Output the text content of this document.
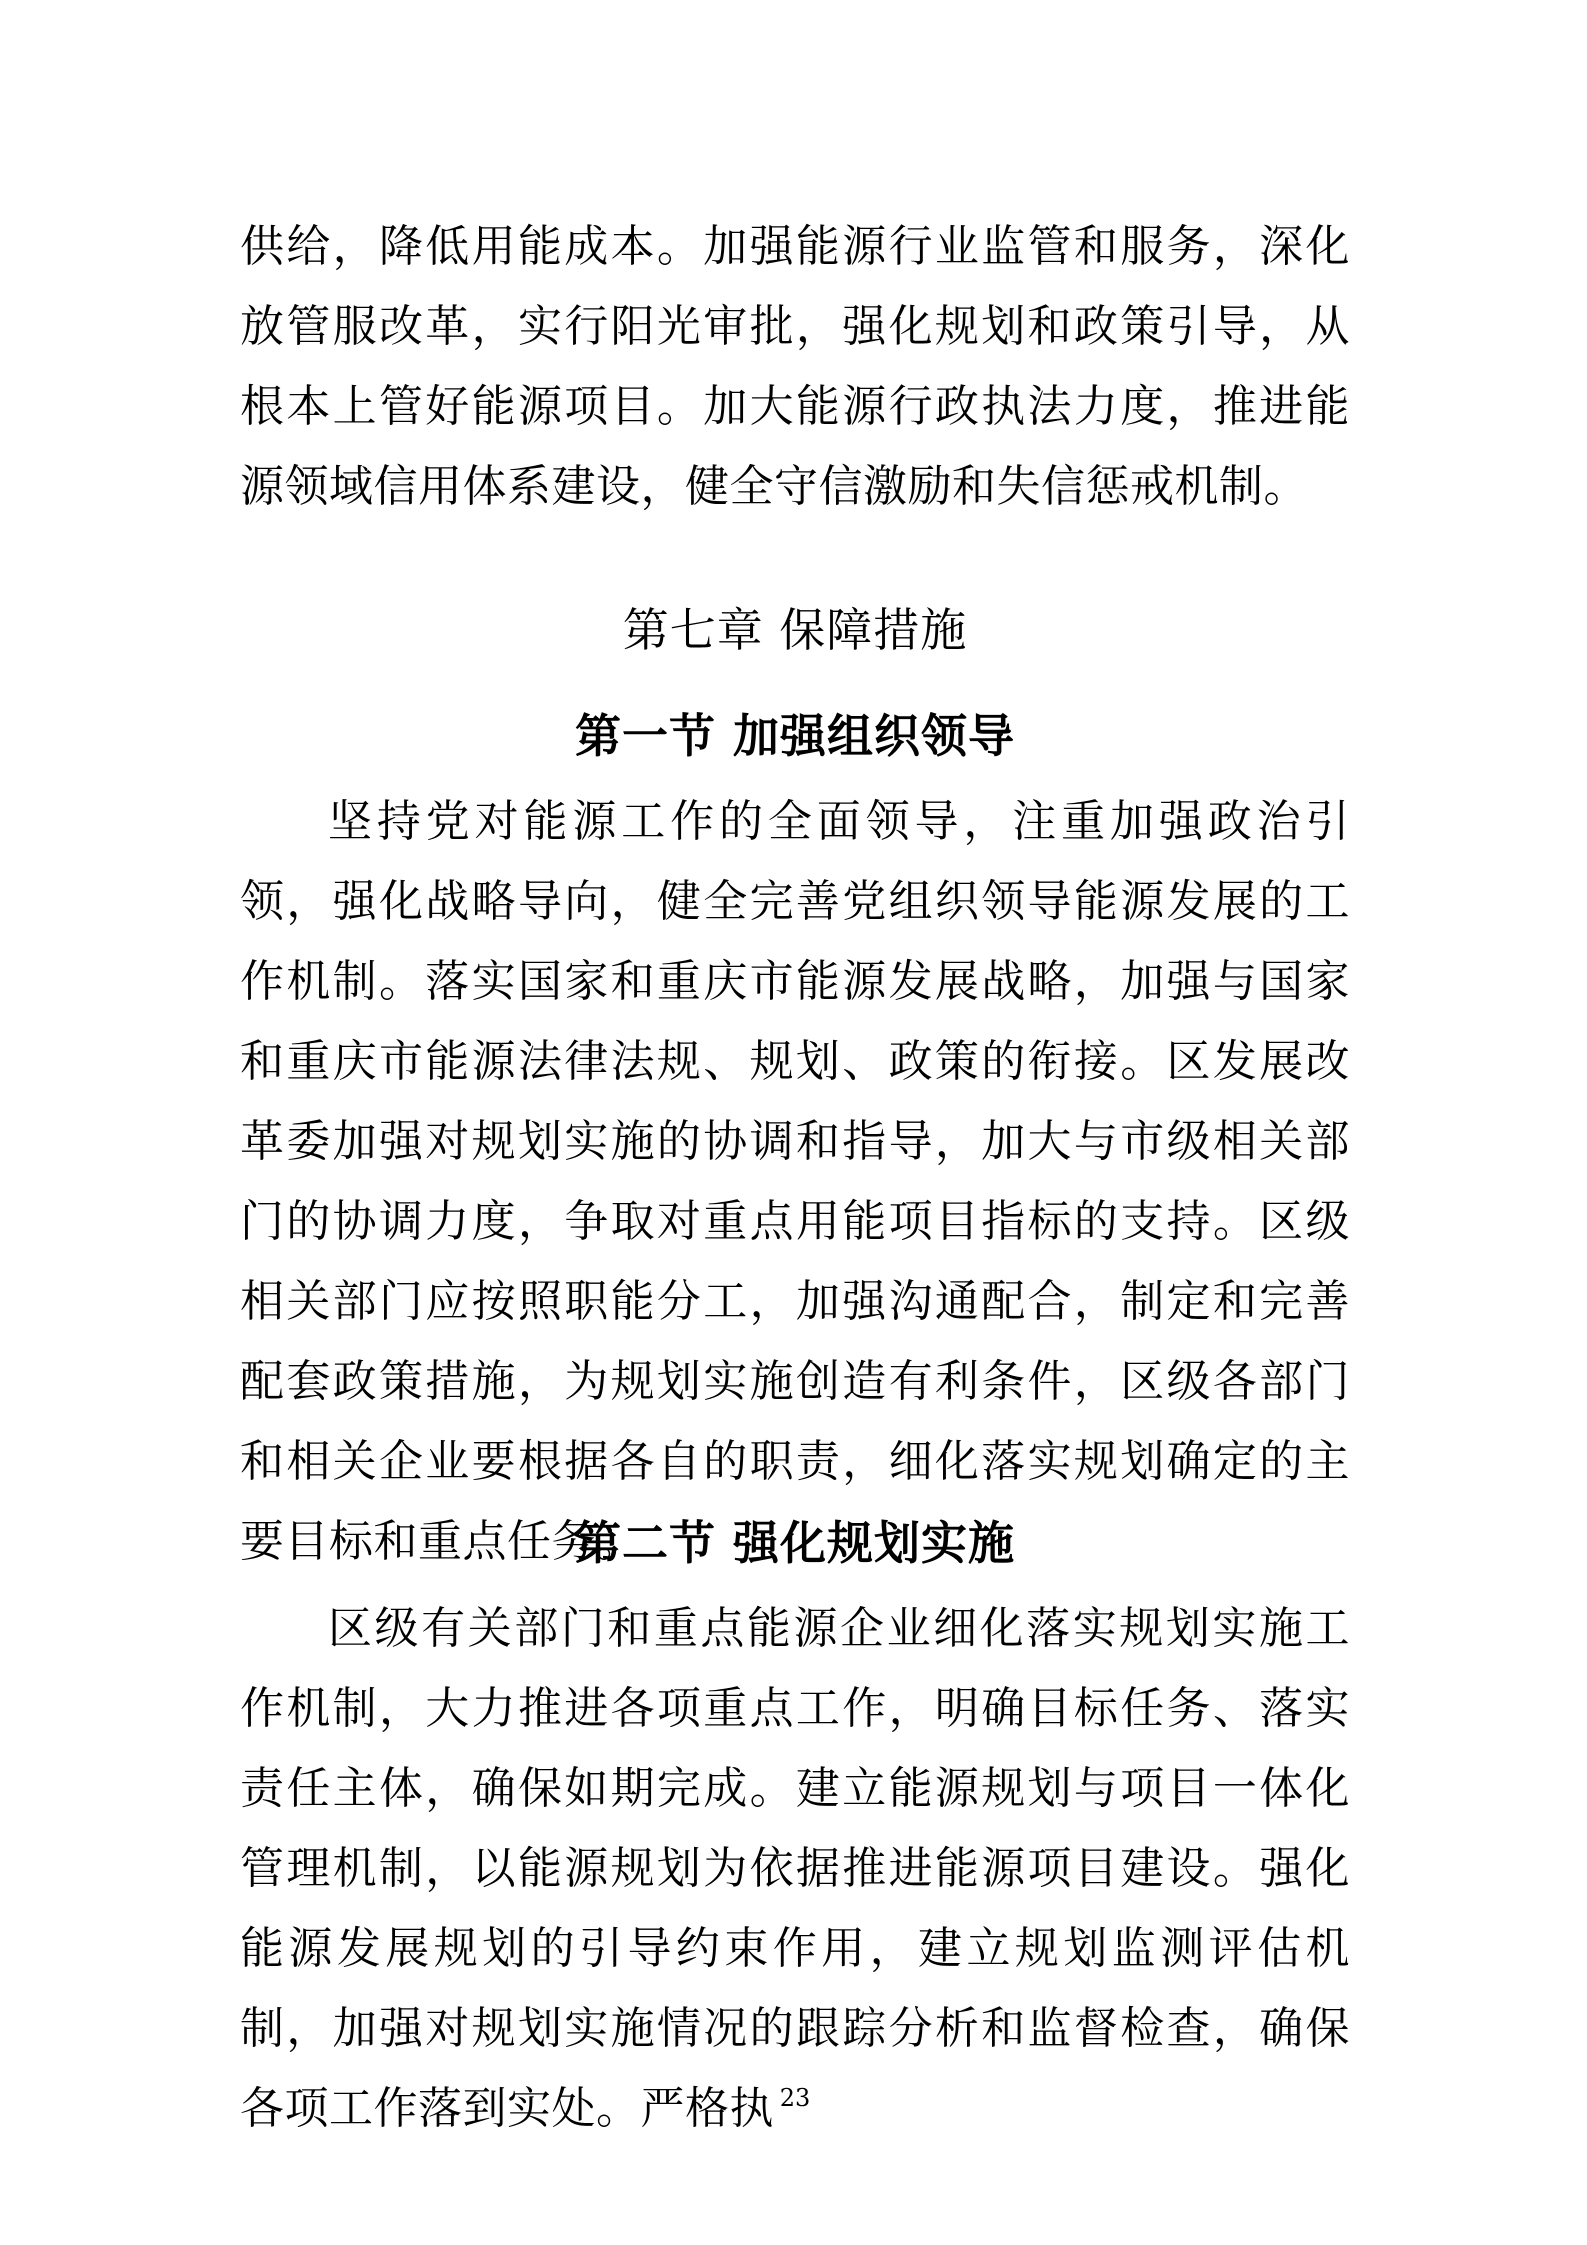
供给，降低用能成本。加强能源行业监管和服务，深化放管服改革，实行阳光审批，强化规划和政策引导，从根本上管好能源项目。加大能源行政执法力度，推进能源领域信用体系建设，健全守信激励和失信惩戒机制。

第七章 保障措施
第一节 加强组织领导

坚持党对能源工作的全面领导，注重加强政治引领，强化战略导向，健全完善党组织领导能源发展的工作机制。落实国家和重庆市能源发展战略，加强与国家和重庆市能源法律法规、规划、政策的衔接。区发展改革委加强对规划实施的协调和指导，加大与市级相关部门的协调力度，争取对重点用能项目指标的支持。区级相关部门应按照职能分工，加强沟通配合，制定和完善配套政策措施，为规划实施创造有利条件，区级各部门和相关企业要根据各自的职责，细化落实规划确定的主要目标和重点任务。

第二节 强化规划实施

区级有关部门和重点能源企业细化落实规划实施工作机制，大力推进各项重点工作，明确目标任务、落实责任主体，确保如期完成。建立能源规划与项目一体化管理机制，以能源规划为依据推进能源项目建设。强化能源发展规划的引导约束作用，建立规划监测评估机制，加强对规划实施情况的跟踪分析和监督检查，确保各项工作落到实处。严格执 23
